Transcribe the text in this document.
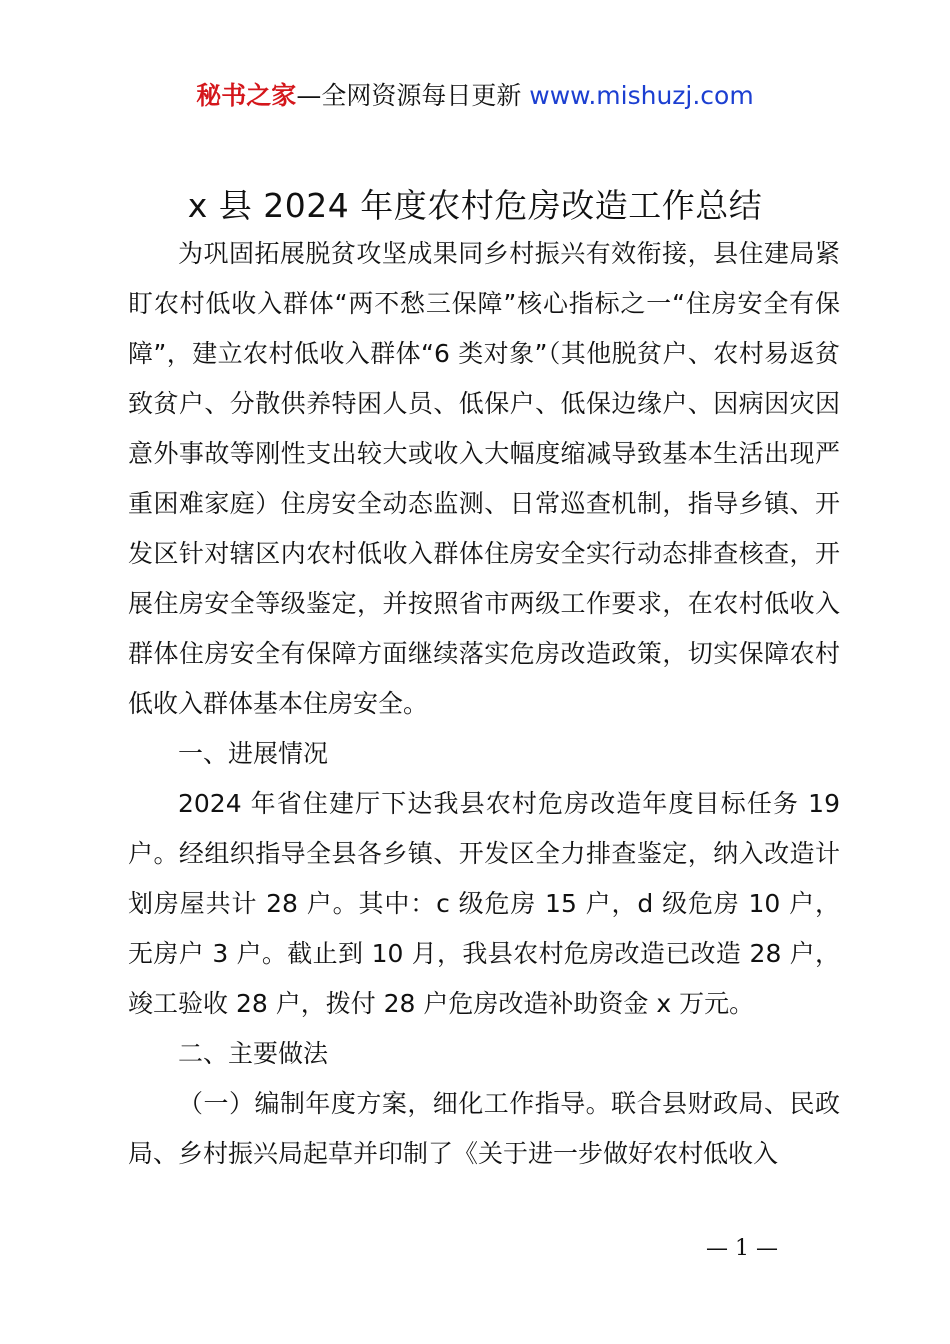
秘书之家—全网资源每日更新 www.mishuzj.com
x 县 2024 年度农村危房改造工作总结

为巩固拓展脱贫攻坚成果同乡村振兴有效衔接，县住建局紧盯农村低收入群体“两不愁三保障”核心指标之一“住房安全有保障”，建立农村低收入群体“6 类对象”（其他脱贫户、农村易返贫致贫户、分散供养特困人员、低保户、低保边缘户、因病因灾因意外事故等刚性支出较大或收入大幅度缩减导致基本生活出现严重困难家庭）住房安全动态监测、日常巡查机制，指导乡镇、开发区针对辖区内农村低收入群体住房安全实行动态排查核查，开展住房安全等级鉴定，并按照省市两级工作要求，在农村低收入群体住房安全有保障方面继续落实危房改造政策，切实保障农村低收入群体基本住房安全。

一、进展情况

2024 年省住建厅下达我县农村危房改造年度目标任务 19 户。经组织指导全县各乡镇、开发区全力排查鉴定，纳入改造计划房屋共计 28 户。其中：c 级危房 15 户，d 级危房 10 户，无房户 3 户。截止到 10 月，我县农村危房改造已改造 28 户，竣工验收 28 户，拨付 28 户危房改造补助资金 x 万元。

二、主要做法

（一）编制年度方案，细化工作指导。联合县财政局、民政局、乡村振兴局起草并印制了《关于进一步做好农村低收入

— 1 —
